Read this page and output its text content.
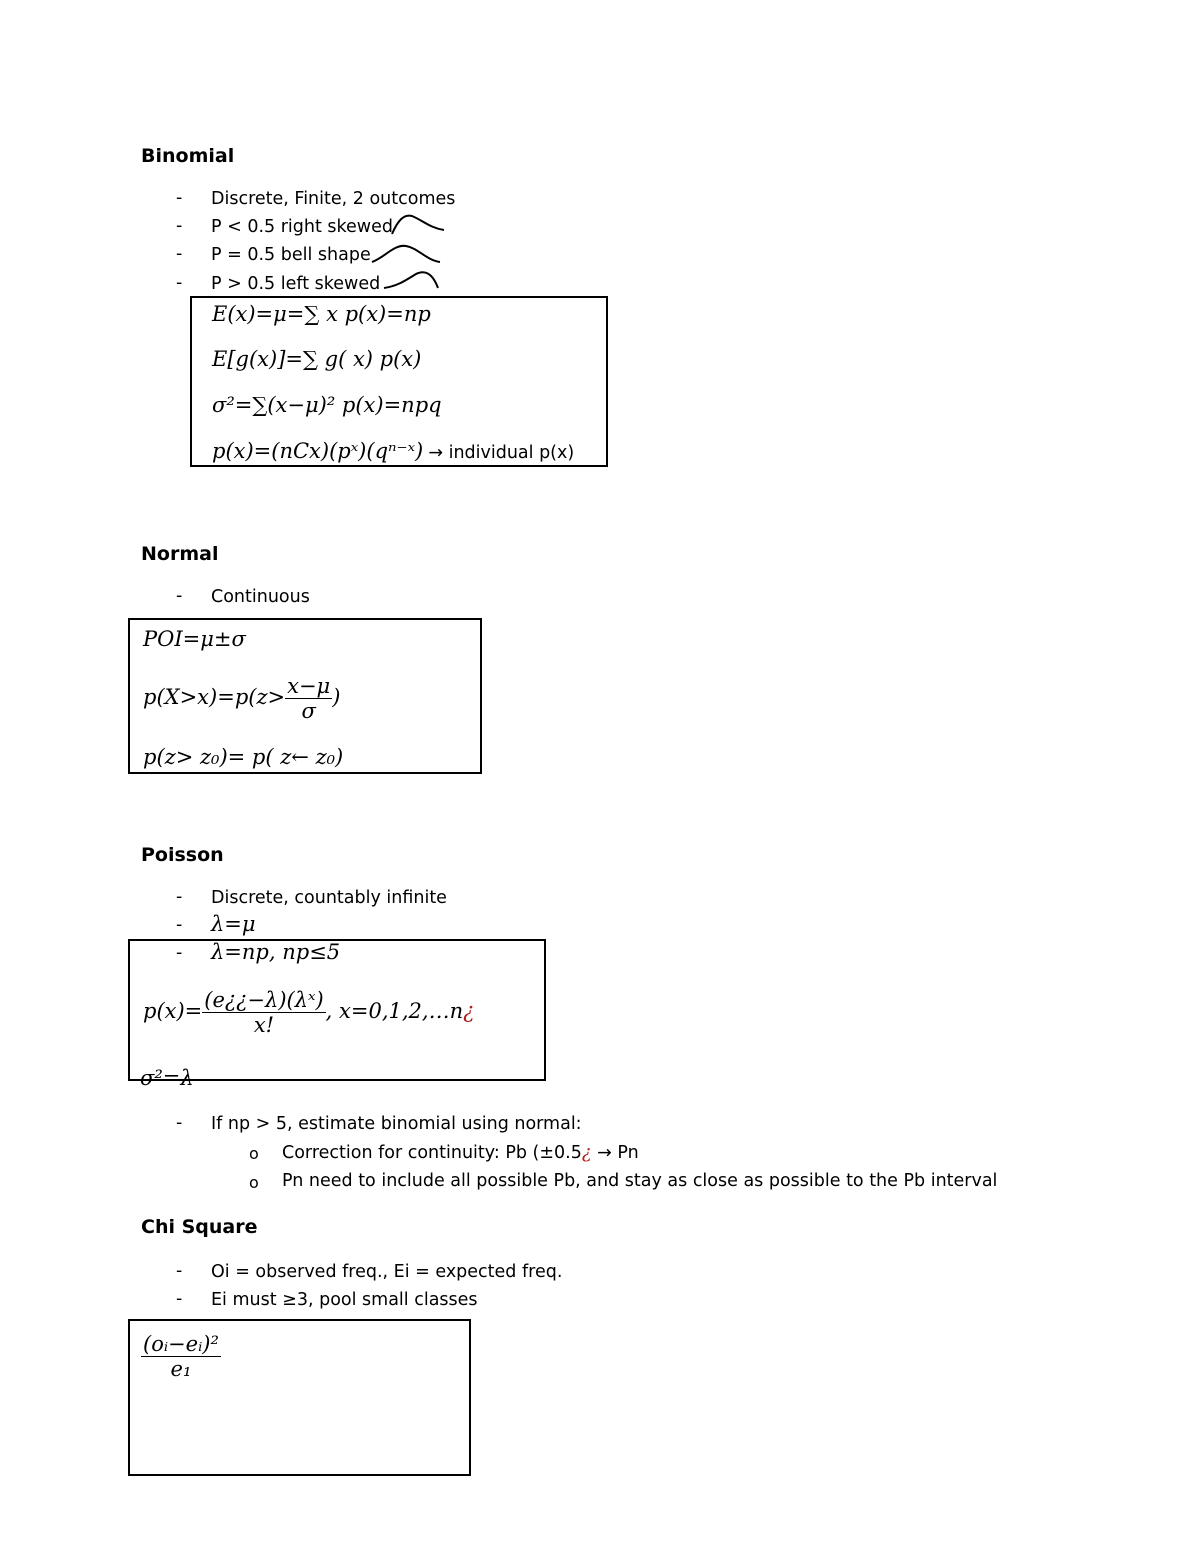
Binomial
- Discrete, Finite, 2 outcomes
- P < 0.5 right skewed
- P = 0.5 bell shape
- P > 0.5 left skewed
E(x)=μ=∑ x p(x)=np
E[g(x)]=∑ g( x) p(x)
σ²=∑(x−μ)² p(x)=npq
p(x)=(nCx)(pˣ)(qⁿ⁻ˣ) → individual p(x)
Normal
- Continuous
POI=μ±σ
$p(X>x)=p(z> \frac{x-\mu}{\sigma}$ )
p(z> z₀)= p( z← z₀)
Poisson
- Discrete, countably infinite
- λ=μ
- λ=np, np≤5
$p(x)= \frac{\text{(e¿¿−λ)(λˣ)}}{x!}$ , x=0,1,2,…n¿
σ²=λ
- If np > 5, estimate binomial using normal:
o Correction for continuity: Pb (±0.5¿ → Pn
o Pn need to include all possible Pb, and stay as close as possible to the Pb interval
Chi Square
- Oi = observed freq., Ei = expected freq.
- Ei must ≥3, pool small classes
$\frac{\text{(oᵢ−eᵢ)²}}{\text{e₁}}$
